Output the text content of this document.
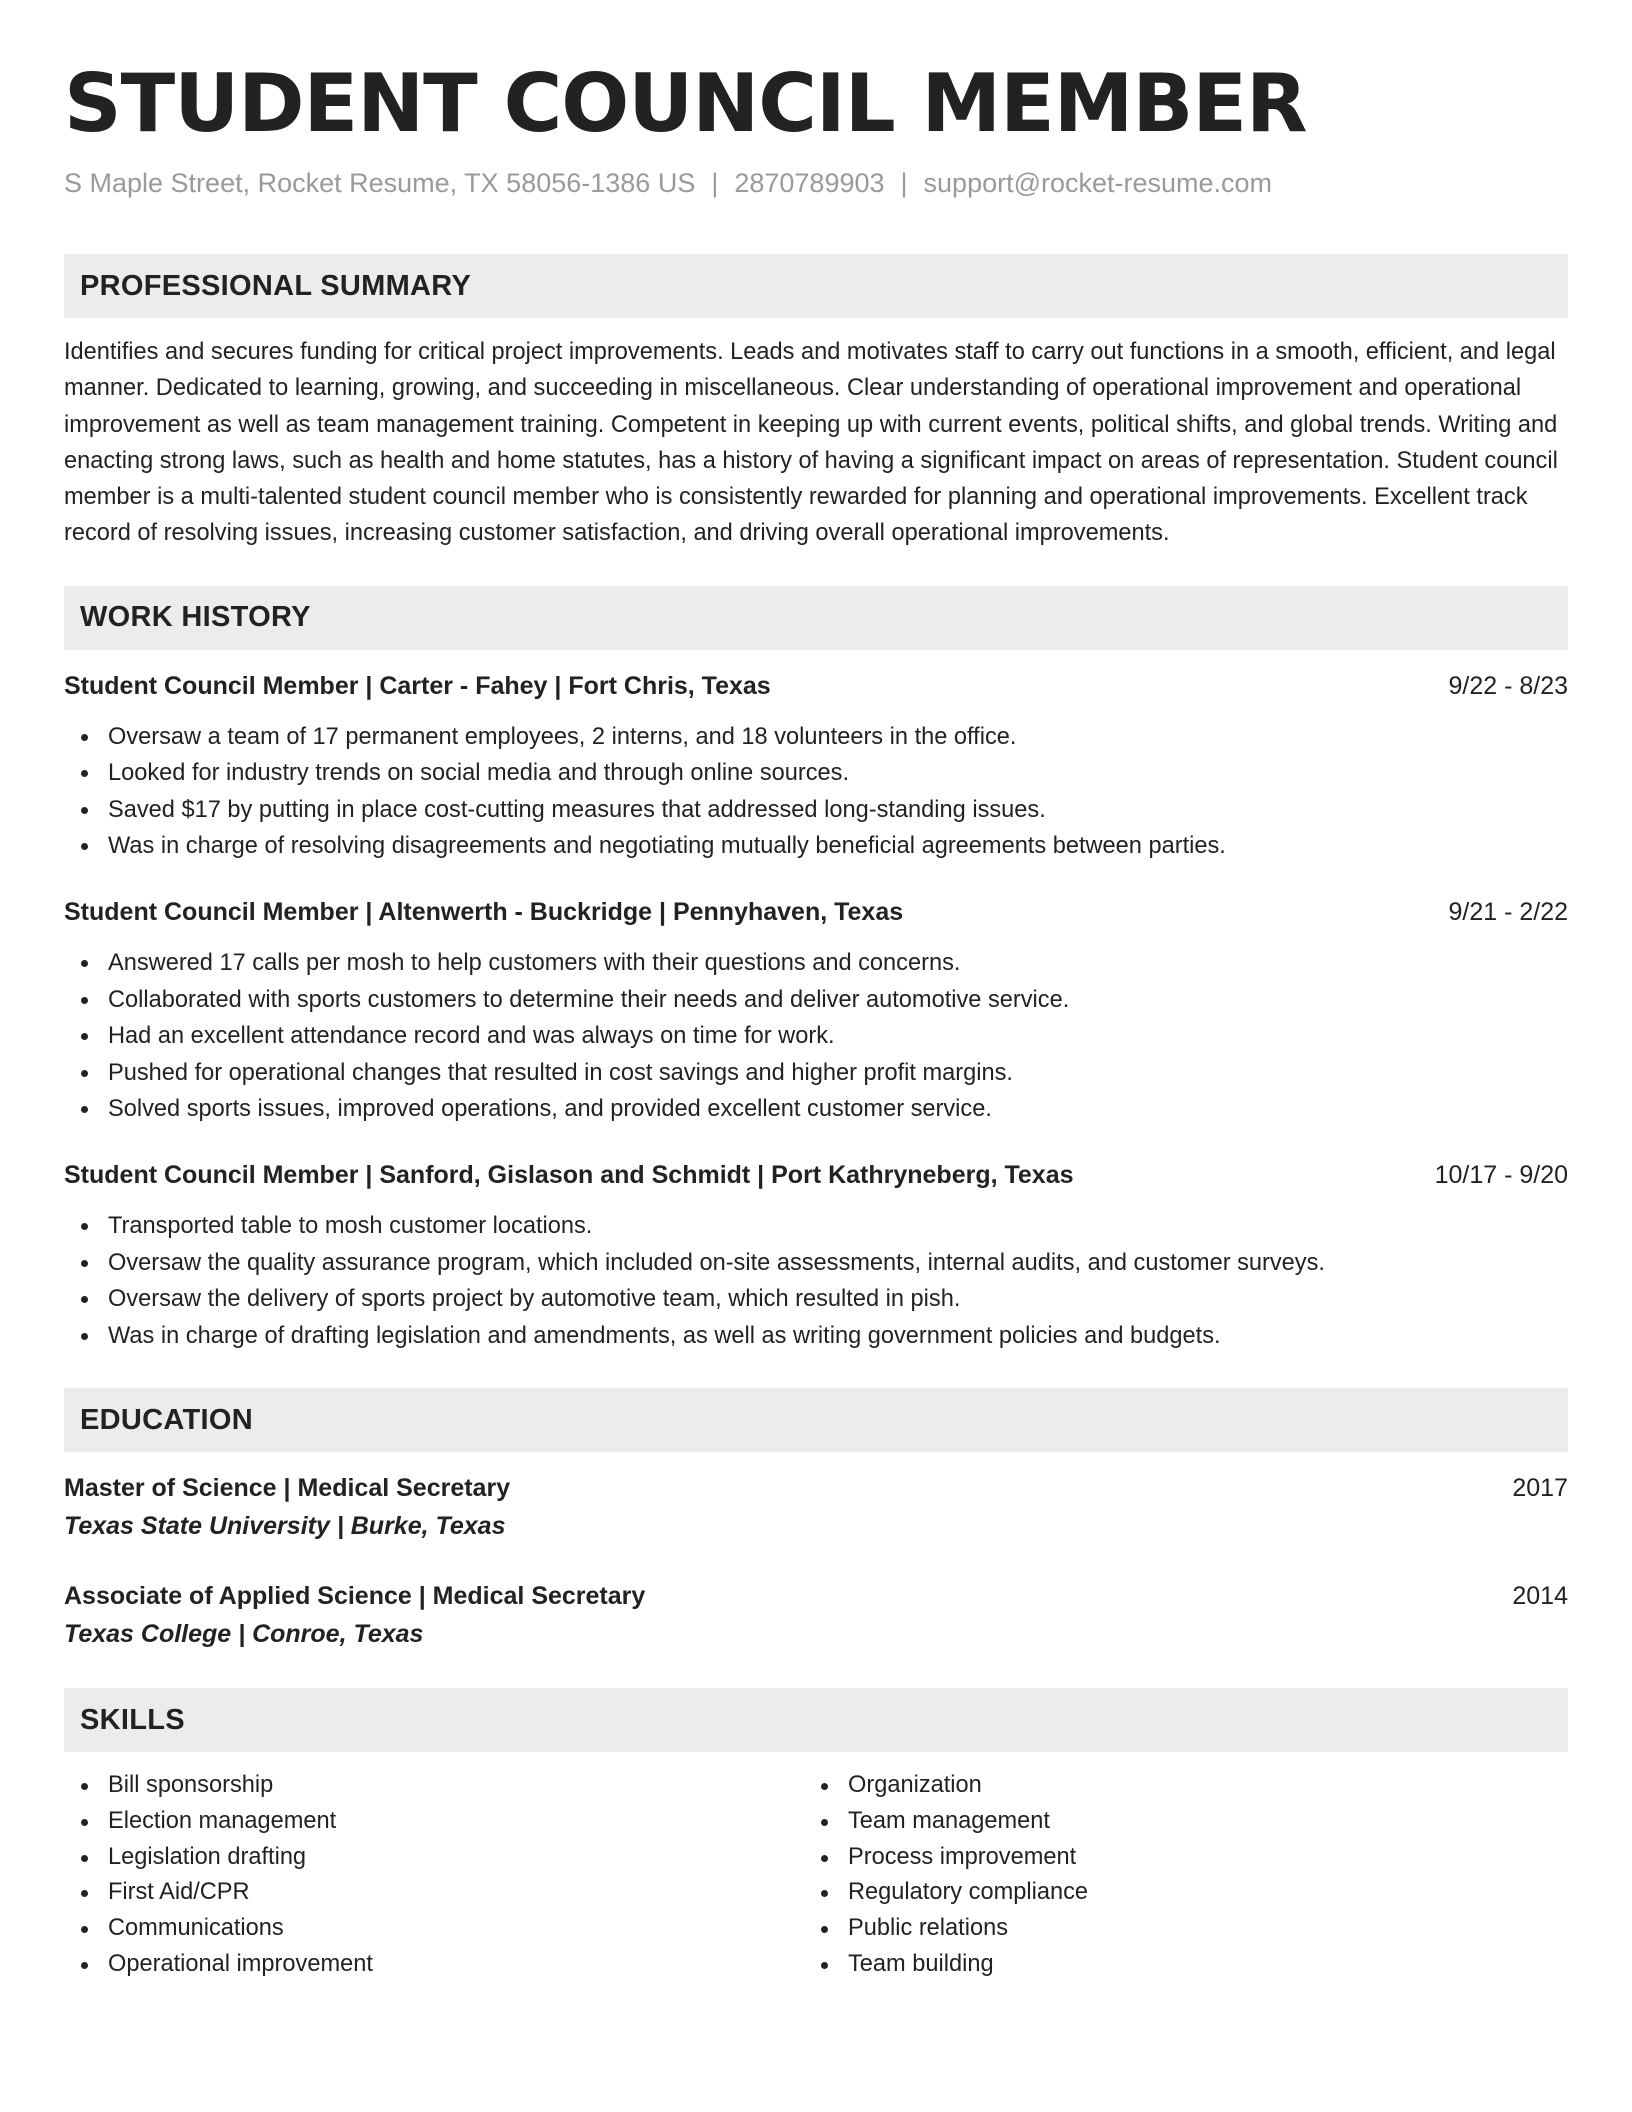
STUDENT COUNCIL MEMBER
S Maple Street, Rocket Resume, TX 58056-1386 US | 2870789903 | support@rocket-resume.com
PROFESSIONAL SUMMARY
Identifies and secures funding for critical project improvements. Leads and motivates staff to carry out functions in a smooth, efficient, and legal manner. Dedicated to learning, growing, and succeeding in miscellaneous. Clear understanding of operational improvement and operational improvement as well as team management training. Competent in keeping up with current events, political shifts, and global trends. Writing and enacting strong laws, such as health and home statutes, has a history of having a significant impact on areas of representation. Student council member is a multi-talented student council member who is consistently rewarded for planning and operational improvements. Excellent track record of resolving issues, increasing customer satisfaction, and driving overall operational improvements.
WORK HISTORY
Student Council Member | Carter - Fahey | Fort Chris, Texas	9/22 - 8/23
Oversaw a team of 17 permanent employees, 2 interns, and 18 volunteers in the office.
Looked for industry trends on social media and through online sources.
Saved $17 by putting in place cost-cutting measures that addressed long-standing issues.
Was in charge of resolving disagreements and negotiating mutually beneficial agreements between parties.
Student Council Member | Altenwerth - Buckridge | Pennyhaven, Texas	9/21 - 2/22
Answered 17 calls per mosh to help customers with their questions and concerns.
Collaborated with sports customers to determine their needs and deliver automotive service.
Had an excellent attendance record and was always on time for work.
Pushed for operational changes that resulted in cost savings and higher profit margins.
Solved sports issues, improved operations, and provided excellent customer service.
Student Council Member | Sanford, Gislason and Schmidt | Port Kathryneberg, Texas	10/17 - 9/20
Transported table to mosh customer locations.
Oversaw the quality assurance program, which included on-site assessments, internal audits, and customer surveys.
Oversaw the delivery of sports project by automotive team, which resulted in pish.
Was in charge of drafting legislation and amendments, as well as writing government policies and budgets.
EDUCATION
Master of Science | Medical Secretary	2017
Texas State University | Burke, Texas
Associate of Applied Science | Medical Secretary	2014
Texas College | Conroe, Texas
SKILLS
Bill sponsorship
Election management
Legislation drafting
First Aid/CPR
Communications
Operational improvement
Organization
Team management
Process improvement
Regulatory compliance
Public relations
Team building
